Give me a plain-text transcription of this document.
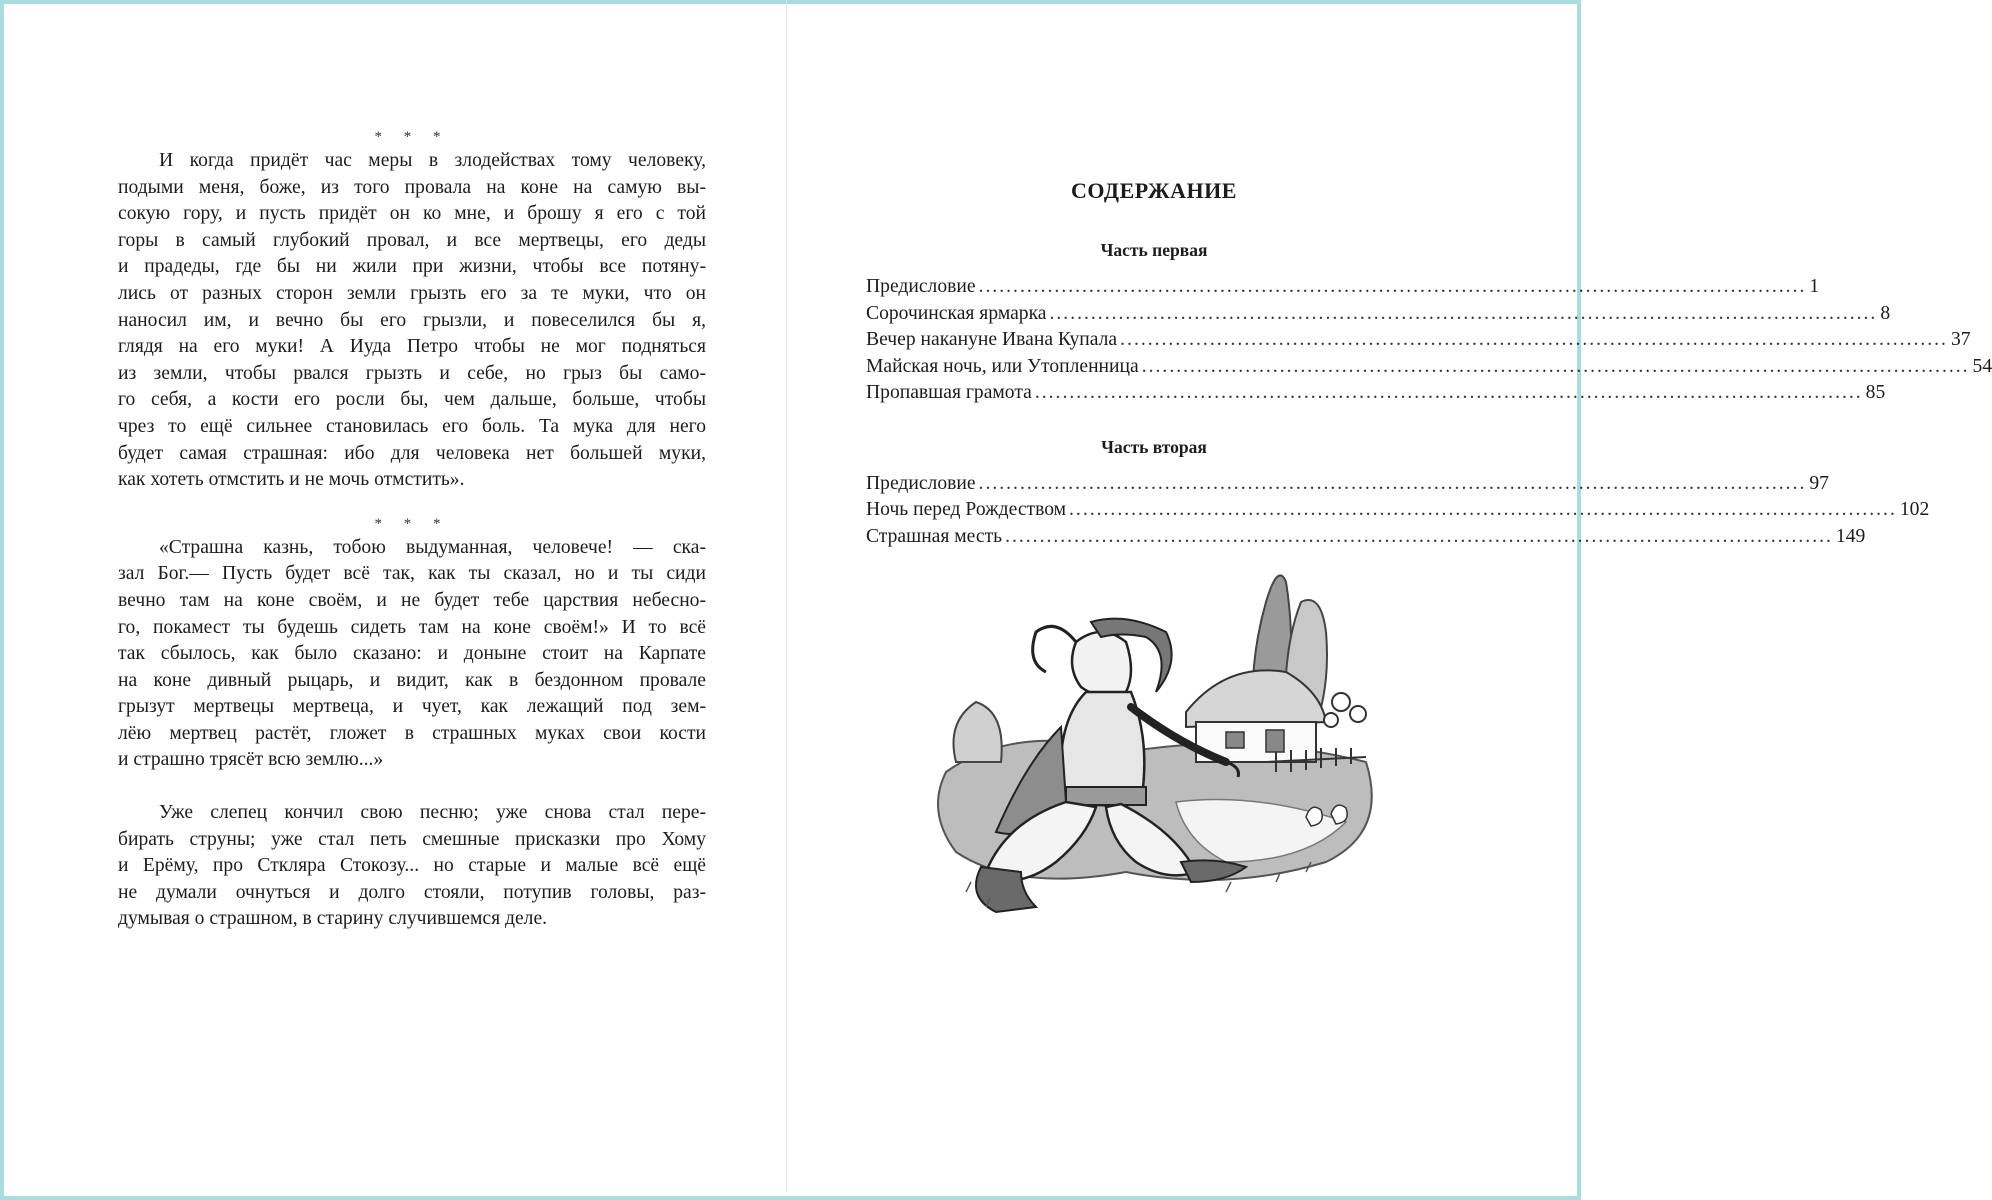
* * *
И когда придёт час меры в злодействах тому человеку,
подыми меня, боже, из того провала на коне на самую вы-
сокую гору, и пусть придёт он ко мне, и брошу я его с той
горы в самый глубокий провал, и все мертвецы, его деды
и прадеды, где бы ни жили при жизни, чтобы все потяну-
лись от разных сторон земли грызть его за те муки, что он
наносил им, и вечно бы его грызли, и повеселился бы я,
глядя на его муки! А Иуда Петро чтобы не мог подняться
из земли, чтобы рвался грызть и себе, но грыз бы само-
го себя, а кости его росли бы, чем дальше, больше, чтобы
чрез то ещё сильнее становилась его боль. Та мука для него
будет самая страшная: ибо для человека нет большей муки,
как хотеть отмстить и не мочь отмстить».
* * *
«Страшна казнь, тобою выдуманная, человече! — ска-
зал Бог.— Пусть будет всё так, как ты сказал, но и ты сиди
вечно там на коне своём, и не будет тебе царствия небесно-
го, покамест ты будешь сидеть там на коне своём!» И то всё
так сбылось, как было сказано: и доныне стоит на Карпате
на коне дивный рыцарь, и видит, как в бездонном провале
грызут мертвецы мертвеца, и чует, как лежащий под зем-
лёю мертвец растёт, гложет в страшных муках свои кости
и страшно трясёт всю землю...»
Уже слепец кончил свою песню; уже снова стал пере-
бирать струны; уже стал петь смешные присказки про Хому
и Ерёму, про Сткляра Стокозу... но старые и малые всё ещё
не думали очнуться и долго стояли, потупив головы, раз-
думывая о страшном, в старину случившемся деле.
СОДЕРЖАНИЕ
Часть первая
Предисловие ........................................................................................................................ 1
Сорочинская ярмарка ........................................................................................................................ 8
Вечер накануне Ивана Купала ........................................................................................................................ 37
Майская ночь, или Утопленница ........................................................................................................................ 54
Пропавшая грамота ........................................................................................................................ 85
Часть вторая
Предисловие ........................................................................................................................ 97
Ночь перед Рождеством ........................................................................................................................ 102
Страшная месть ........................................................................................................................ 149
